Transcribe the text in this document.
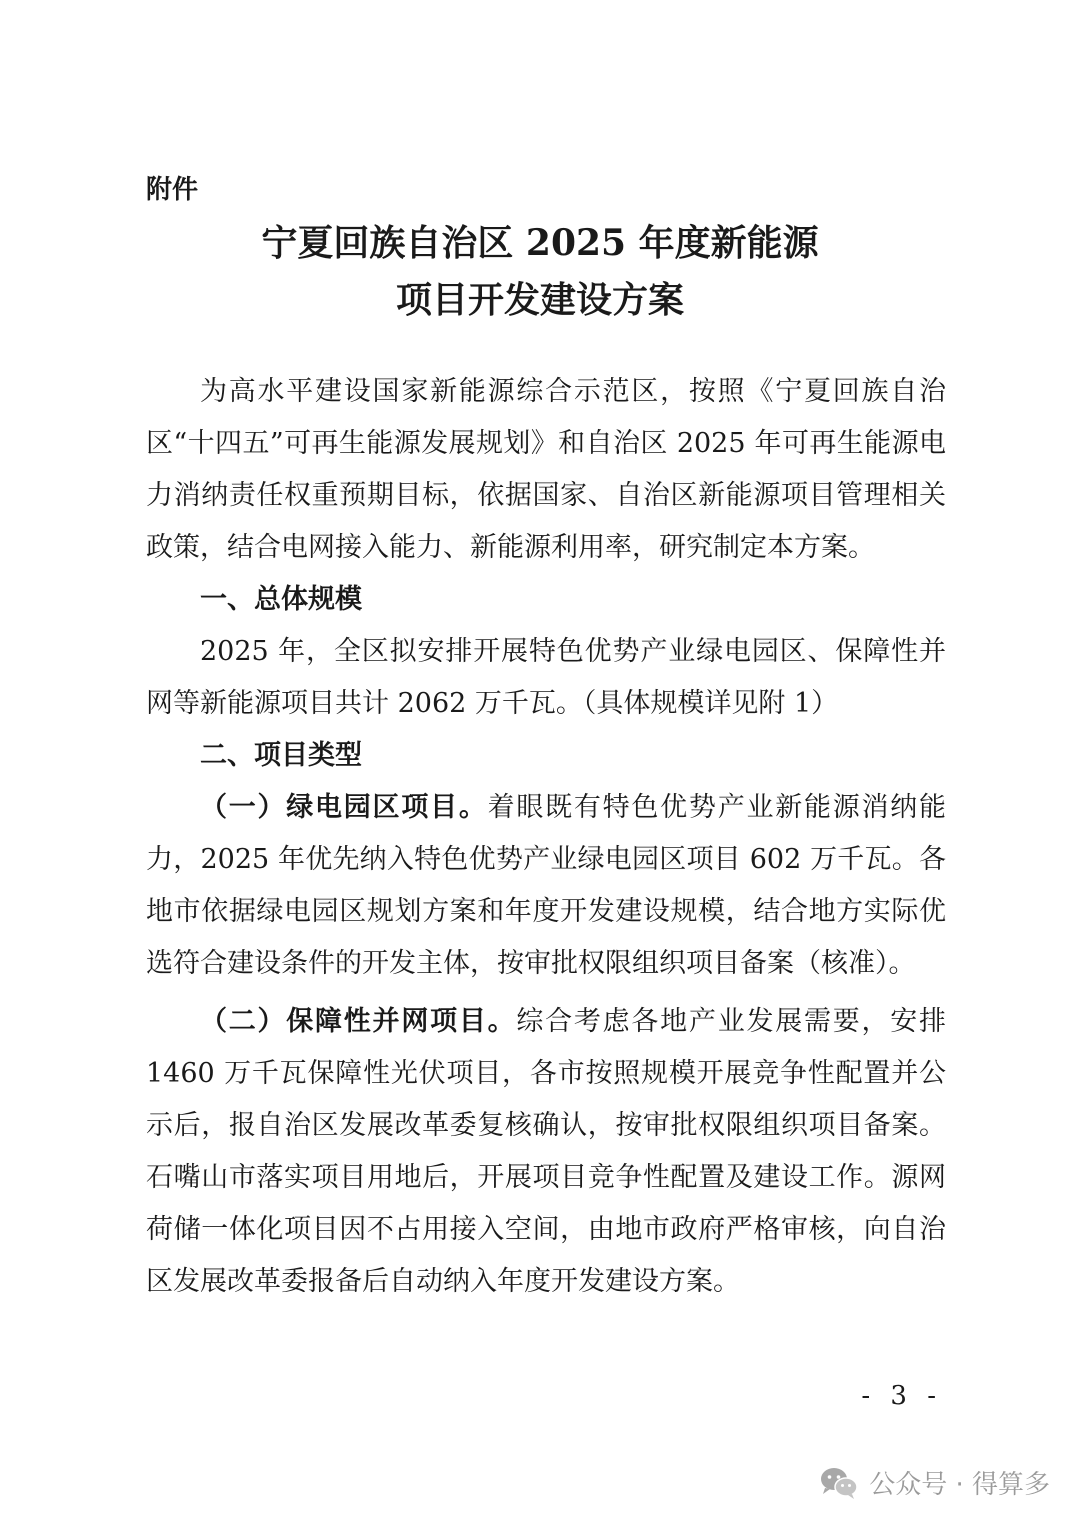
附件
宁夏回族自治区 2025 年度新能源
项目开发建设方案

为高水平建设国家新能源综合示范区，按照《宁夏回族自治区“十四五”可再生能源发展规划》和自治区 2025 年可再生能源电力消纳责任权重预期目标，依据国家、自治区新能源项目管理相关政策，结合电网接入能力、新能源利用率，研究制定本方案。

一、总体规模

2025 年，全区拟安排开展特色优势产业绿电园区、保障性并网等新能源项目共计 2062 万千瓦。（具体规模详见附 1）

二、项目类型

（一）绿电园区项目。着眼既有特色优势产业新能源消纳能力，2025 年优先纳入特色优势产业绿电园区项目 602 万千瓦。各地市依据绿电园区规划方案和年度开发建设规模，结合地方实际优选符合建设条件的开发主体，按审批权限组织项目备案（核准）。

（二）保障性并网项目。综合考虑各地产业发展需要，安排 1460 万千瓦保障性光伏项目，各市按照规模开展竞争性配置并公示后，报自治区发展改革委复核确认，按审批权限组织项目备案。石嘴山市落实项目用地后，开展项目竞争性配置及建设工作。源网荷储一体化项目因不占用接入空间，由地市政府严格审核，向自治区发展改革委报备后自动纳入年度开发建设方案。

- 3 -
公众号 · 得算多
